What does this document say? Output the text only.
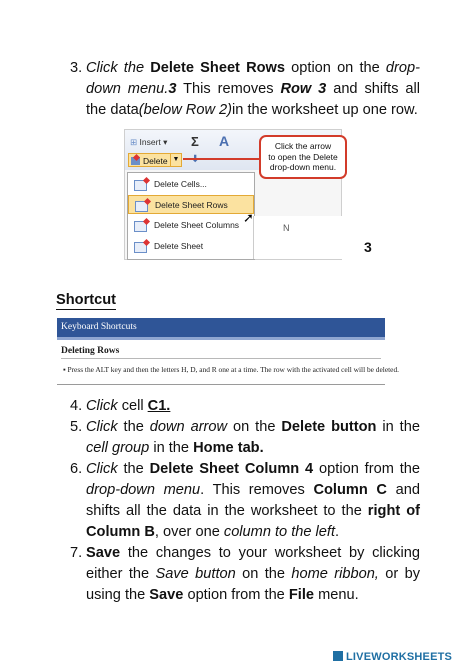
3. Click the Delete Sheet Rows option on the drop-down menu.3 This removes Row 3 and shifts all the data(below Row 2)in the worksheet up one row.
⊞ Insert ▾ Σ A
Delete ▼
Click the arrow
to open the Delete
drop-down menu.
Delete Cells...
Delete Sheet Rows
Delete Sheet Columns
Delete Sheet
N
➚
3
Shortcut
Keyboard Shortcuts
Deleting Rows
▪ Press the ALT key and then the letters H, D, and R one at a time. The row with the activated cell will be deleted.
4. Click cell C1.
5. Click the down arrow on the Delete button in the cell group in the Home tab.
6. Click the Delete Sheet Column 4 option from the drop-down menu. This removes Column C and shifts all the data in the worksheet to the right of Column B, over one column to the left.
7. Save the changes to your worksheet by clicking either the Save button on the home ribbon, or by using the Save option from the File menu.
LIVEWORKSHEETS
